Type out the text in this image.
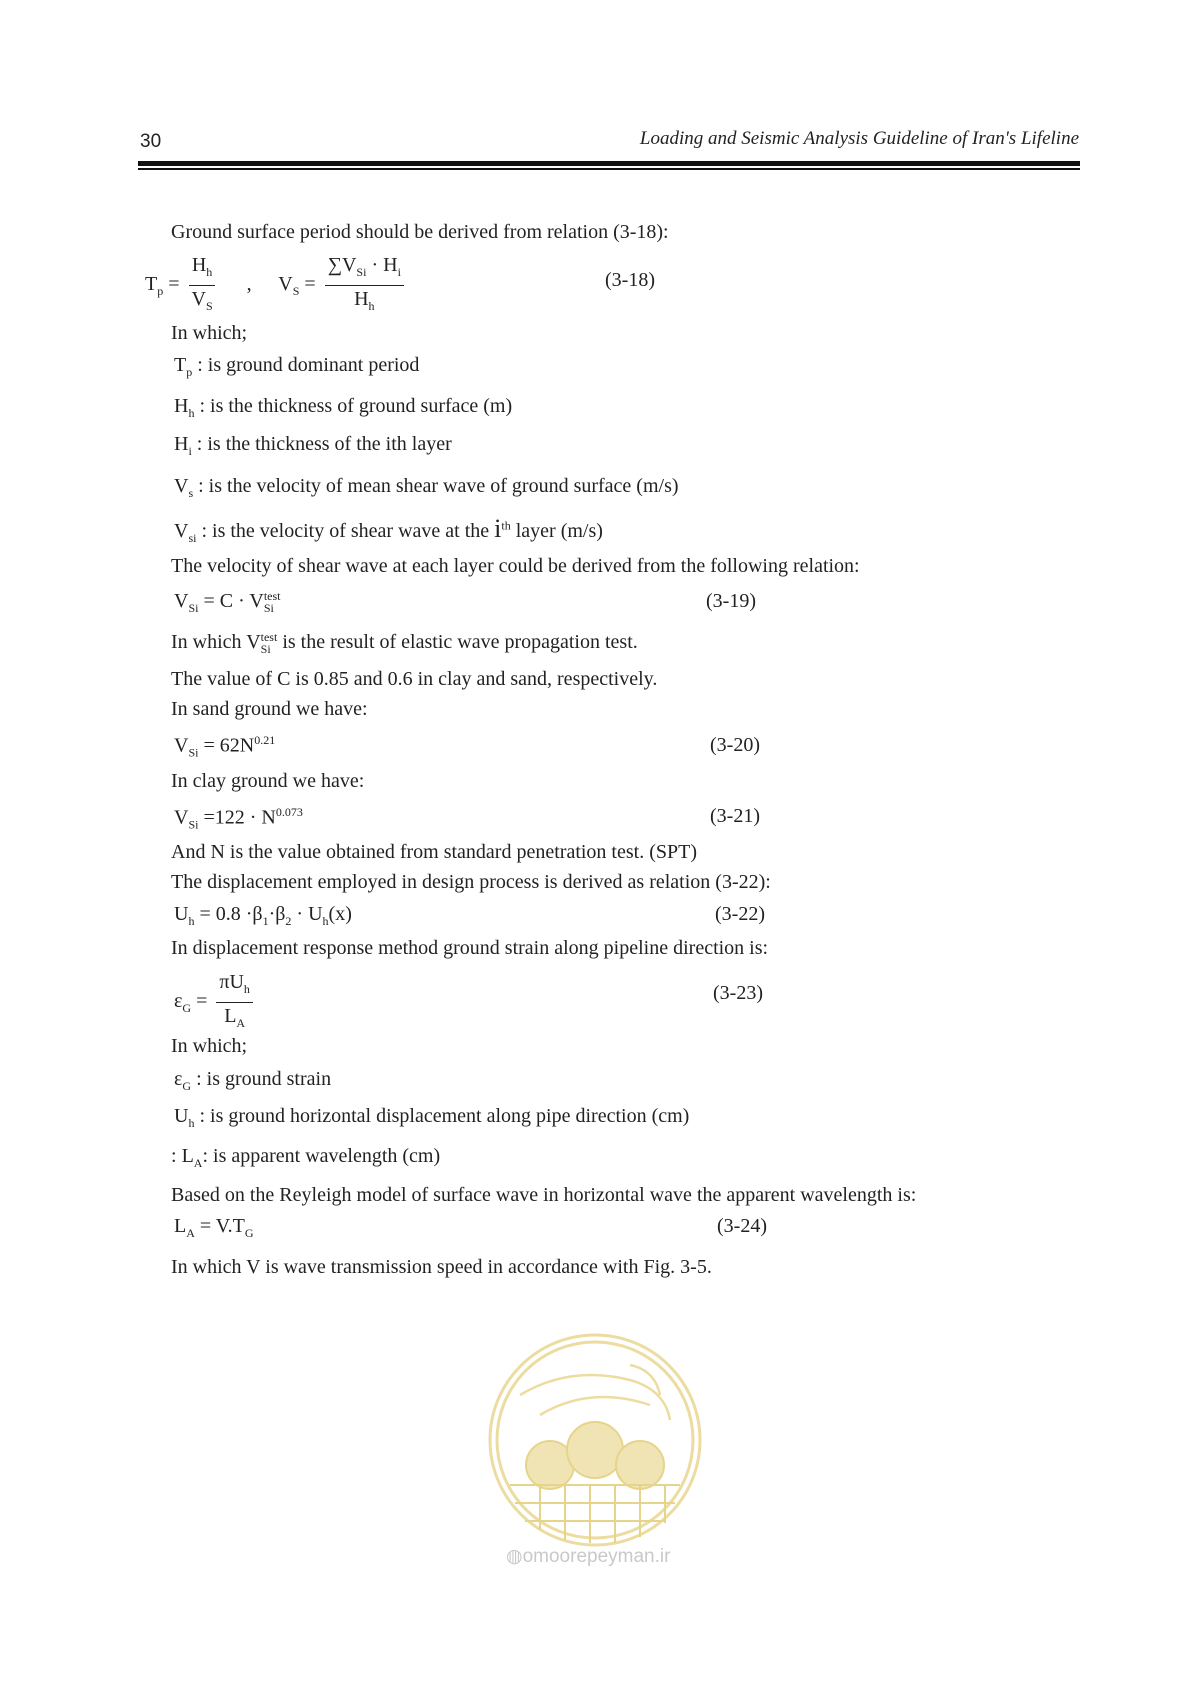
30	Loading and Seismic Analysis Guideline of Iran's Lifeline
Ground surface period should be derived from relation (3-18):
$T_p = \frac{H_h}{V_S}$ , $V_S = \frac{\sum V_{Si} \cdot H_i}{H_h}$	(3-18)
In which;
$T_p$ : is ground dominant period
$H_h$ : is the thickness of ground surface (m)
$H_i$ : is the thickness of the ith layer
$V_s$ : is the velocity of mean shear wave of ground surface (m/s)
$V_{si}$ : is the velocity of shear wave at the $i^{th}$ layer (m/s)
The velocity of shear wave at each layer could be derived from the following relation:
$V_{Si} = C \cdot V$ test
Si	(3-19)
In which V test
Si is the result of elastic wave propagation test.
The value of C is 0.85 and 0.6 in clay and sand, respectively.
In sand ground we have:
$V_{Si} = 62N^{0.21}$	(3-20)
In clay ground we have:
$V_{Si} =122 \cdot N^{0.073}$	(3-21)
And N is the value obtained from standard penetration test. (SPT)
The displacement employed in design process is derived as relation (3-22):
$U_h = 0.8 \cdot\beta_1\cdot\beta_2 \cdot U_h(x)$	(3-22)
In displacement response method ground strain along pipeline direction is:
$\varepsilon_G = \frac{\pi U_h}{L_A}$	(3-23)
In which;
$\varepsilon_G$ : is ground strain
$U_h$ : is ground horizontal displacement along pipe direction (cm)
: $L_A$: is apparent wavelength (cm)
Based on the Reyleigh model of surface wave in horizontal wave the apparent wavelength is:
$L_A = V.T_G$	(3-24)
In which V is wave transmission speed in accordance with Fig. 3-5.
◍omoorepeyman.ir
